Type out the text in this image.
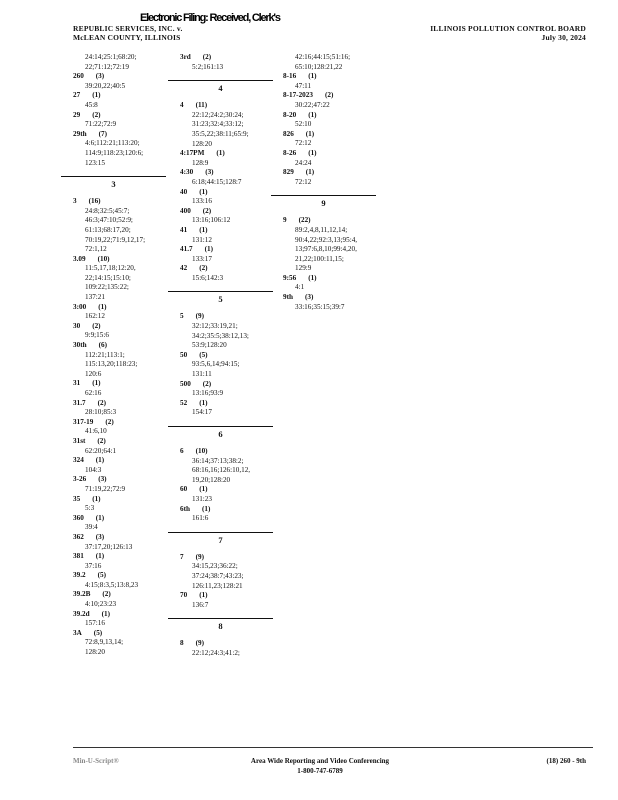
Electronic Filing: Received, Clerk's
REPUBLIC SERVICES, INC. v.
McLEAN COUNTY, ILLINOIS
ILLINOIS POLLUTION CONTROL BOARD
July 30, 2024
24:14;25:1;68:20;
22;71:12;72:19
260 (3)
39:20,22;40:5
27 (1)
45:8
29 (2)
71:22;72:9
29th (7)
4:6;112:21;113:20;
114:9;118:23;120:6;
123:15
3
3 (16)
24:8;32:5;45:7;
46:3;47:10;52:9;
61:13;68:17,20;
70:19,22;71:9,12,17;
72:1,12
3.09 (10)
11:5,17,18;12:20,
22;14:15;15:10;
109:22;135:22;
137:21
3:00 (1)
162:12
30 (2)
9:9;15:6
30th (6)
112:21;113:1;
115:13,20;118:23;
120:6
31 (1)
62:16
31.7 (2)
28:10;85:3
317-19 (2)
41:6,10
31st (2)
62:20;64:1
324 (1)
104:3
3-26 (3)
71:19,22;72:9
35 (1)
5:3
360 (1)
39:4
362 (3)
37:17,20;126:13
381 (1)
37:16
39.2 (5)
4:15;8:3,5;13:8,23
39.2B (2)
4:10;23:23
39.2d (1)
157:16
3A (5)
72:8,9,13,14;
128:20
3rd (2)
5:2;161:13
4
4 (11)
22:12;24:2;30:24;
31:23;32:4;33:12;
35:5,22;38:11;65:9;
128:20
4:17PM (1)
128:9
4:30 (3)
6:18;44:15;128:7
40 (1)
133:16
400 (2)
13:16;106:12
41 (1)
131:12
41.7 (1)
133:17
42 (2)
15:6;142:3
5
5 (9)
32:12;33:19,21;
34:2;35:5;38:12,13;
53:9;128:20
50 (5)
93:5,6,14;94:15;
131:11
500 (2)
13:16;93:9
52 (1)
154:17
6
6 (10)
36:14;37:13;38:2;
68:16,16;126:10,12,
19,20;128:20
60 (1)
131:23
6th (1)
161:6
7
7 (9)
34:15,23;36:22;
37:24;38:7;43:23;
126:11,23;128:21
70 (1)
136:7
8
8 (9)
22:12;24:3;41:2;
42:16;44:15;51:16;
65:10;128:21,22
8-16 (1)
47:11
8-17-2023 (2)
30:22;47:22
8-20 (1)
52:10
826 (1)
72:12
8-26 (1)
24:24
829 (1)
72:12
9
9 (22)
89:2,4,8,11,12,14;
90:4,22;92:3,13;95:4,
13;97:6,8,10;99:4,20,
21,22;100:11,15;
129:9
9:56 (1)
4:1
9th (3)
33:16;35:15;39:7
Min-U-Script®	Area Wide Reporting and Video Conferencing
1-800-747-6789
(18) 260 - 9th
